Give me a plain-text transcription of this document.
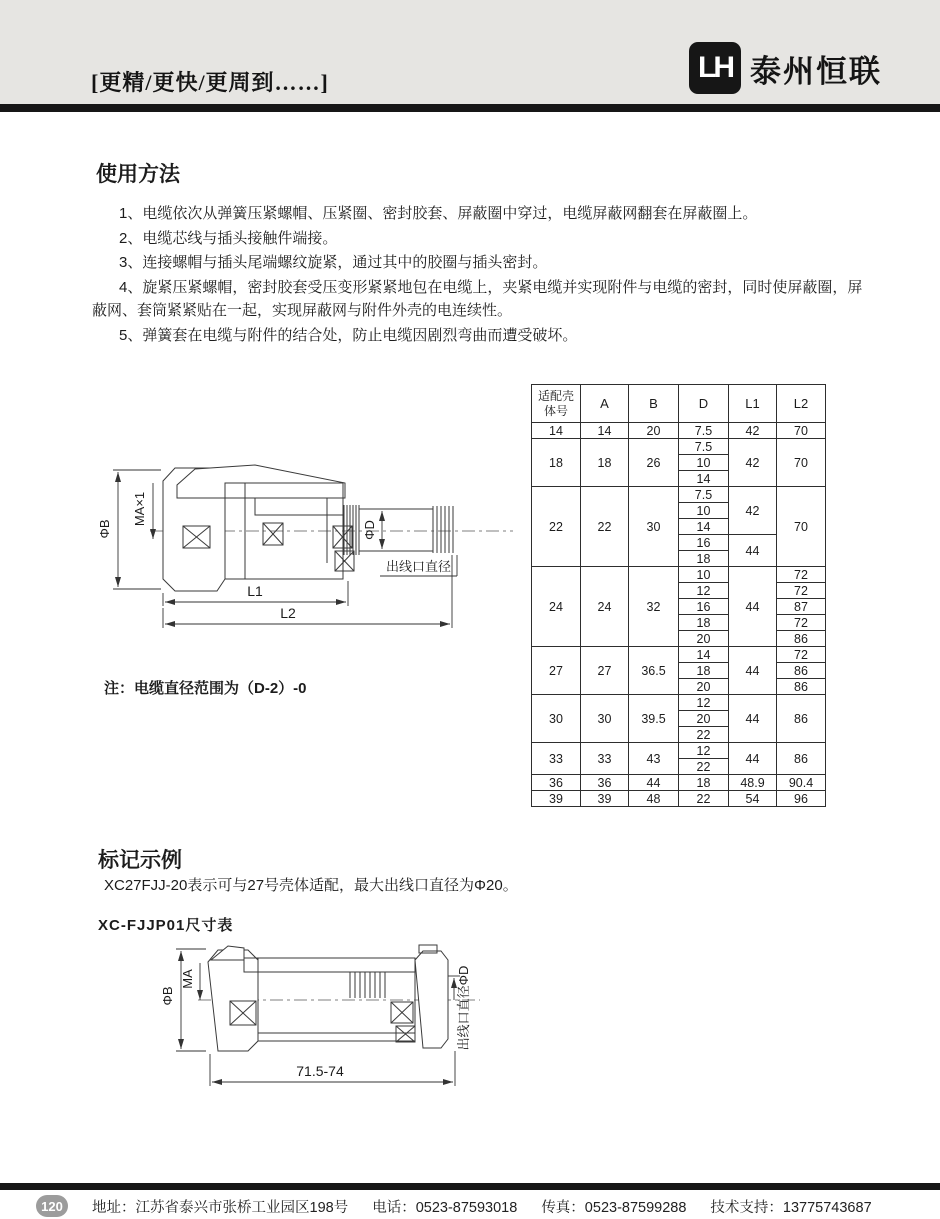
[更精/更快/更周到……]	LH 泰州恒联
使用方法

1、电缆依次从弹簧压紧螺帽、压紧圈、密封胶套、屏蔽圈中穿过，电缆屏蔽网翻套在屏蔽圈上。

2、电缆芯线与插头接触件端接。

3、连接螺帽与插头尾端螺纹旋紧，通过其中的胶圈与插头密封。

4、旋紧压紧螺帽，密封胶套受压变形紧紧地包在电缆上，夹紧电缆并实现附件与电缆的密封，同时使屏蔽圈，屏蔽网、套筒紧紧贴在一起，实现屏蔽网与附件外壳的电连续性。

5、弹簧套在电缆与附件的结合处，防止电缆因剧烈弯曲而遭受破坏。

ΦB
MA×1
ΦD
出线口直径
L1
L2
适配壳体号	A	B	D	L1	L2
14	14	20	7.5	42	70
18	18	26	7.5	42	70
			10		
			14		
22	22	30	7.5	42	70
			10		
			14		
			16	44	
			18		
24	24	32	10	44	72
			12		72
			16		87
			18		72
			20		86
27	27	36.5	14	44	72
			18		86
			20		86
30	30	39.5	12	44	86
			20		
			22		
33	33	43	12	44	86
			22		
36	36	44	18	48.9	90.4
39	39	48	22	54	96
注：电缆直径范围为（D-2）-0
标记示例
XC27FJJ-20表示可与27号壳体适配，最大出线口直径为Φ20。
XC-FJJP01尺寸表
ΦB
MA	出线口直径ΦD
71.5-74
120	地址：江苏省泰兴市张桥工业园区198号 电话：0523-87593018 传真：0523-87599288 技术支持：13775743687
